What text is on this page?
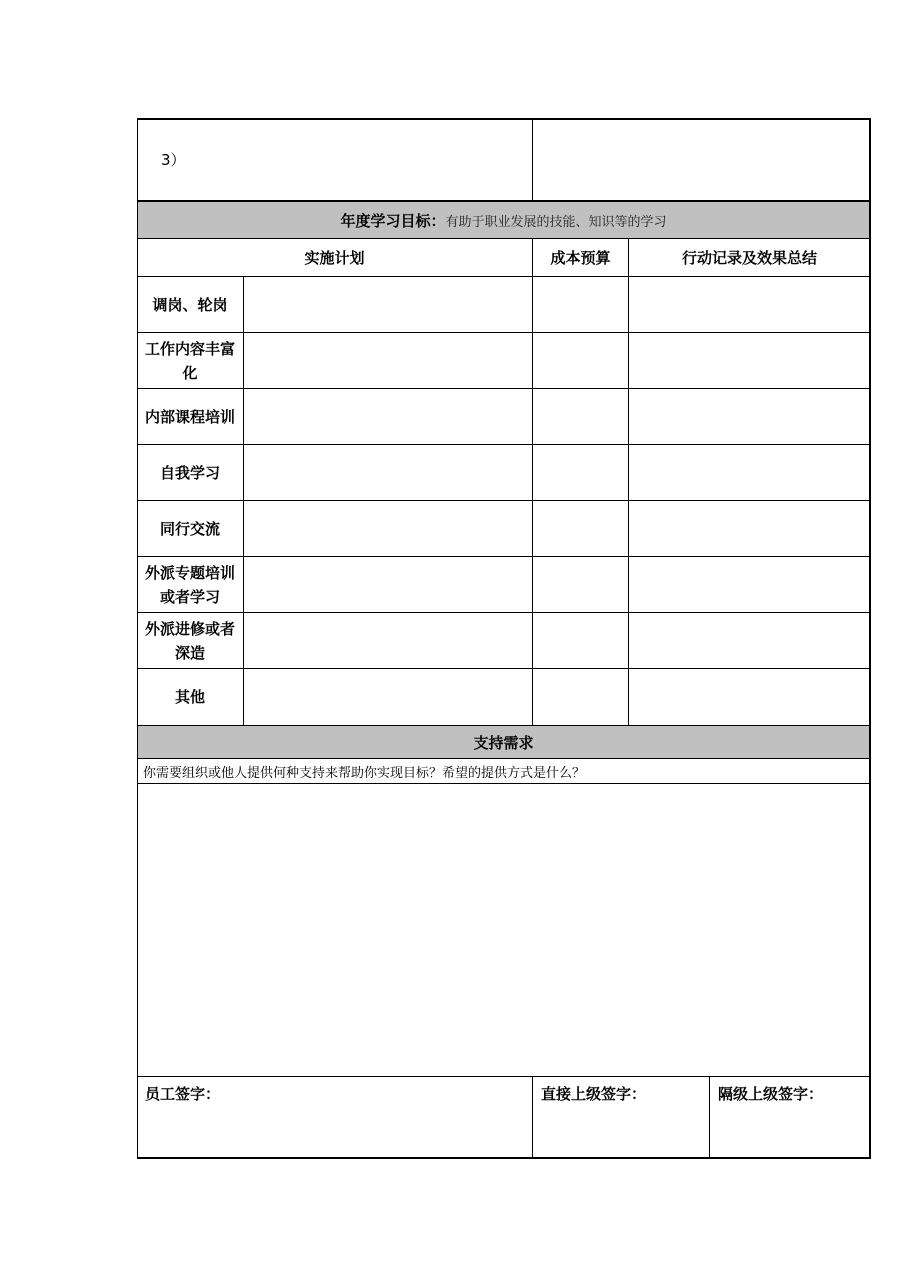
3）
年度学习目标： 有助于职业发展的技能、知识等的学习
实施计划	成本预算	行动记录及效果总结
调岗、轮岗
工作内容丰富化
内部课程培训
自我学习
同行交流
外派专题培训或者学习
外派进修或者深造
其他
支持需求
你需要组织或他人提供何种支持来帮助你实现目标？希望的提供方式是什么？
员工签字：	直接上级签字：	隔级上级签字：
